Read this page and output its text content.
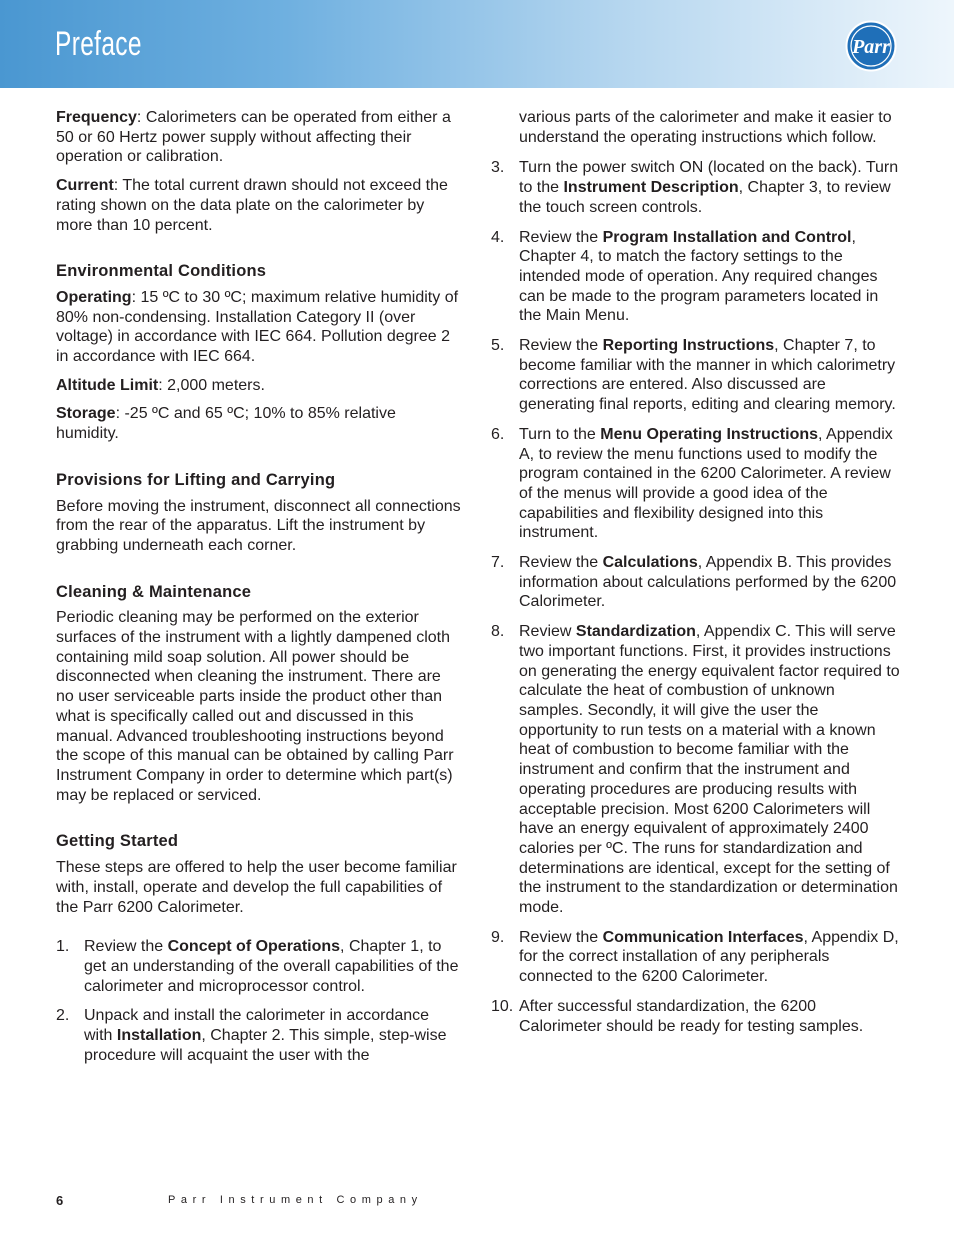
Preface	Parr

Frequency: Calorimeters can be operated from either a 50 or 60 Hertz power supply without affecting their operation or calibration.

Current: The total current drawn should not exceed the rating shown on the data plate on the calorimeter by more than 10 percent.

Environmental Conditions

Operating: 15 ºC to 30 ºC; maximum relative humidity of 80% non-condensing. Installation Category II (over voltage) in accordance with IEC 664. Pollution degree 2 in accordance with IEC 664.

Altitude Limit: 2,000 meters.

Storage: -25 ºC and 65 ºC; 10% to 85% relative humidity.

Provisions for Lifting and Carrying

Before moving the instrument, disconnect all connections from the rear of the apparatus. Lift the instrument by grabbing underneath each corner.

Cleaning & Maintenance

Periodic cleaning may be performed on the exterior surfaces of the instrument with a lightly dampened cloth containing mild soap solution. All power should be disconnected when cleaning the instrument. There are no user serviceable parts inside the product other than what is specifically called out and discussed in this manual. Advanced troubleshooting instructions beyond the scope of this manual can be obtained by calling Parr Instrument Company in order to determine which part(s) may be replaced or serviced.

Getting Started

These steps are offered to help the user become familiar with, install, operate and develop the full capabilities of the Parr 6200 Calorimeter.

1. Review the Concept of Operations, Chapter 1, to get an understanding of the overall capabilities of the calorimeter and microprocessor control.
2. Unpack and install the calorimeter in accordance with Installation, Chapter 2. This simple, step-wise procedure will acquaint the user with the

various parts of the calorimeter and make it easier to understand the operating instructions which follow.

3. Turn the power switch ON (located on the back). Turn to the Instrument Description, Chapter 3, to review the touch screen controls.
4. Review the Program Installation and Control, Chapter 4, to match the factory settings to the intended mode of operation. Any required changes can be made to the program parameters located in the Main Menu.
5. Review the Reporting Instructions, Chapter 7, to become familiar with the manner in which calorimetry corrections are entered. Also discussed are generating final reports, editing and clearing memory.
6. Turn to the Menu Operating Instructions, Appendix A, to review the menu functions used to modify the program contained in the 6200 Calorimeter. A review of the menus will provide a good idea of the capabilities and flexibility designed into this instrument.
7. Review the Calculations, Appendix B. This provides information about calculations performed by the 6200 Calorimeter.
8. Review Standardization, Appendix C. This will serve two important functions. First, it provides instructions on generating the energy equivalent factor required to calculate the heat of combustion of unknown samples. Secondly, it will give the user the opportunity to run tests on a material with a known heat of combustion to become familiar with the instrument and confirm that the instrument and operating procedures are producing results with acceptable precision. Most 6200 Calorimeters will have an energy equivalent of approximately 2400 calories per ºC. The runs for standardization and determinations are identical, except for the setting of the instrument to the standardization or determination mode.
9. Review the Communication Interfaces, Appendix D, for the correct installation of any peripherals connected to the 6200 Calorimeter.
10. After successful standardization, the 6200 Calorimeter should be ready for testing samples.
6	Parr Instrument Company
